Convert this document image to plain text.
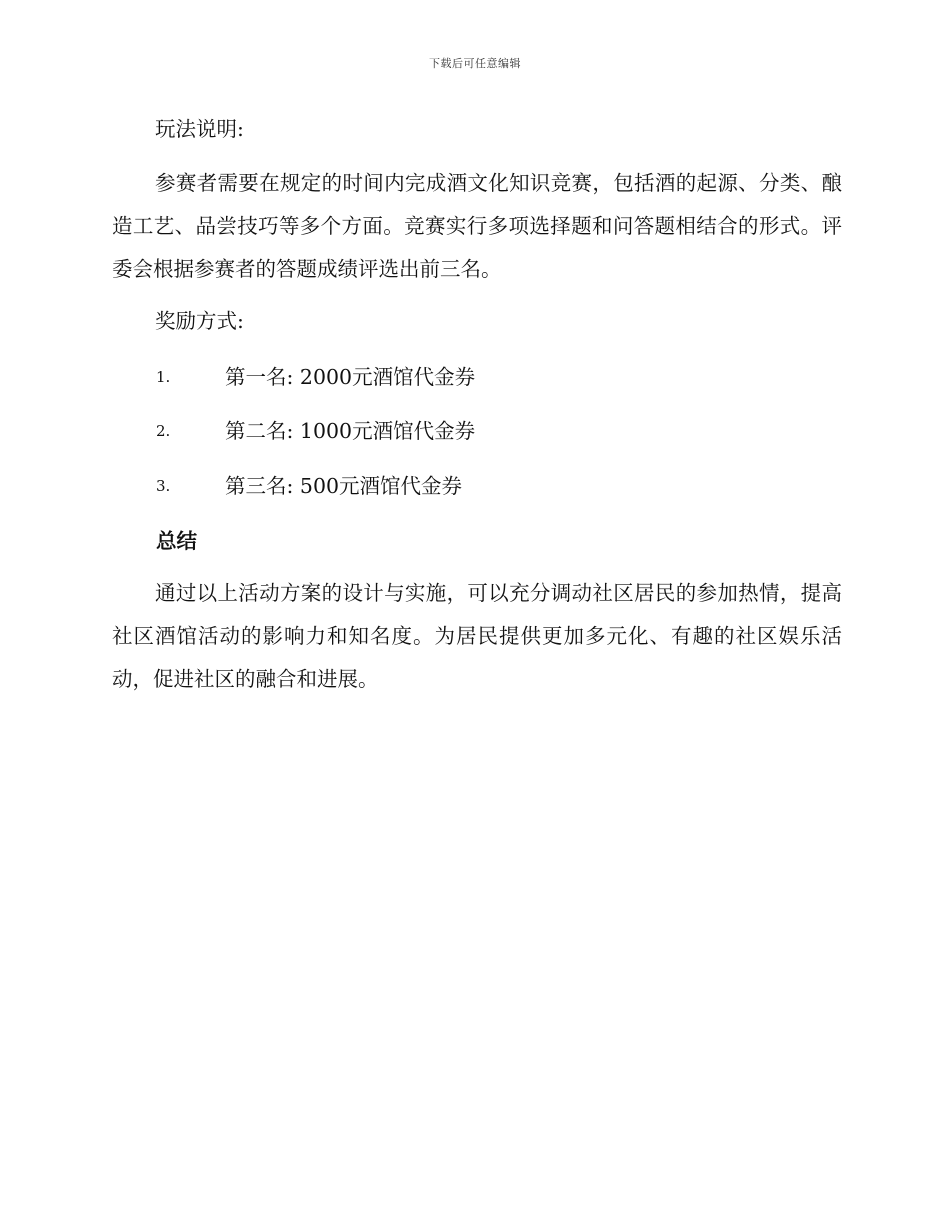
下载后可任意编辑

玩法说明:

参赛者需要在规定的时间内完成酒文化知识竞赛，包括酒的起源、分类、酿造工艺、品尝技巧等多个方面。竞赛实行多项选择题和问答题相结合的形式。评委会根据参赛者的答题成绩评选出前三名。

奖励方式:

1.	第一名: 2000元酒馆代金券
2.	第二名: 1000元酒馆代金券
3.	第三名: 500元酒馆代金券
总结

通过以上活动方案的设计与实施，可以充分调动社区居民的参加热情，提高社区酒馆活动的影响力和知名度。为居民提供更加多元化、有趣的社区娱乐活动，促进社区的融合和进展。
